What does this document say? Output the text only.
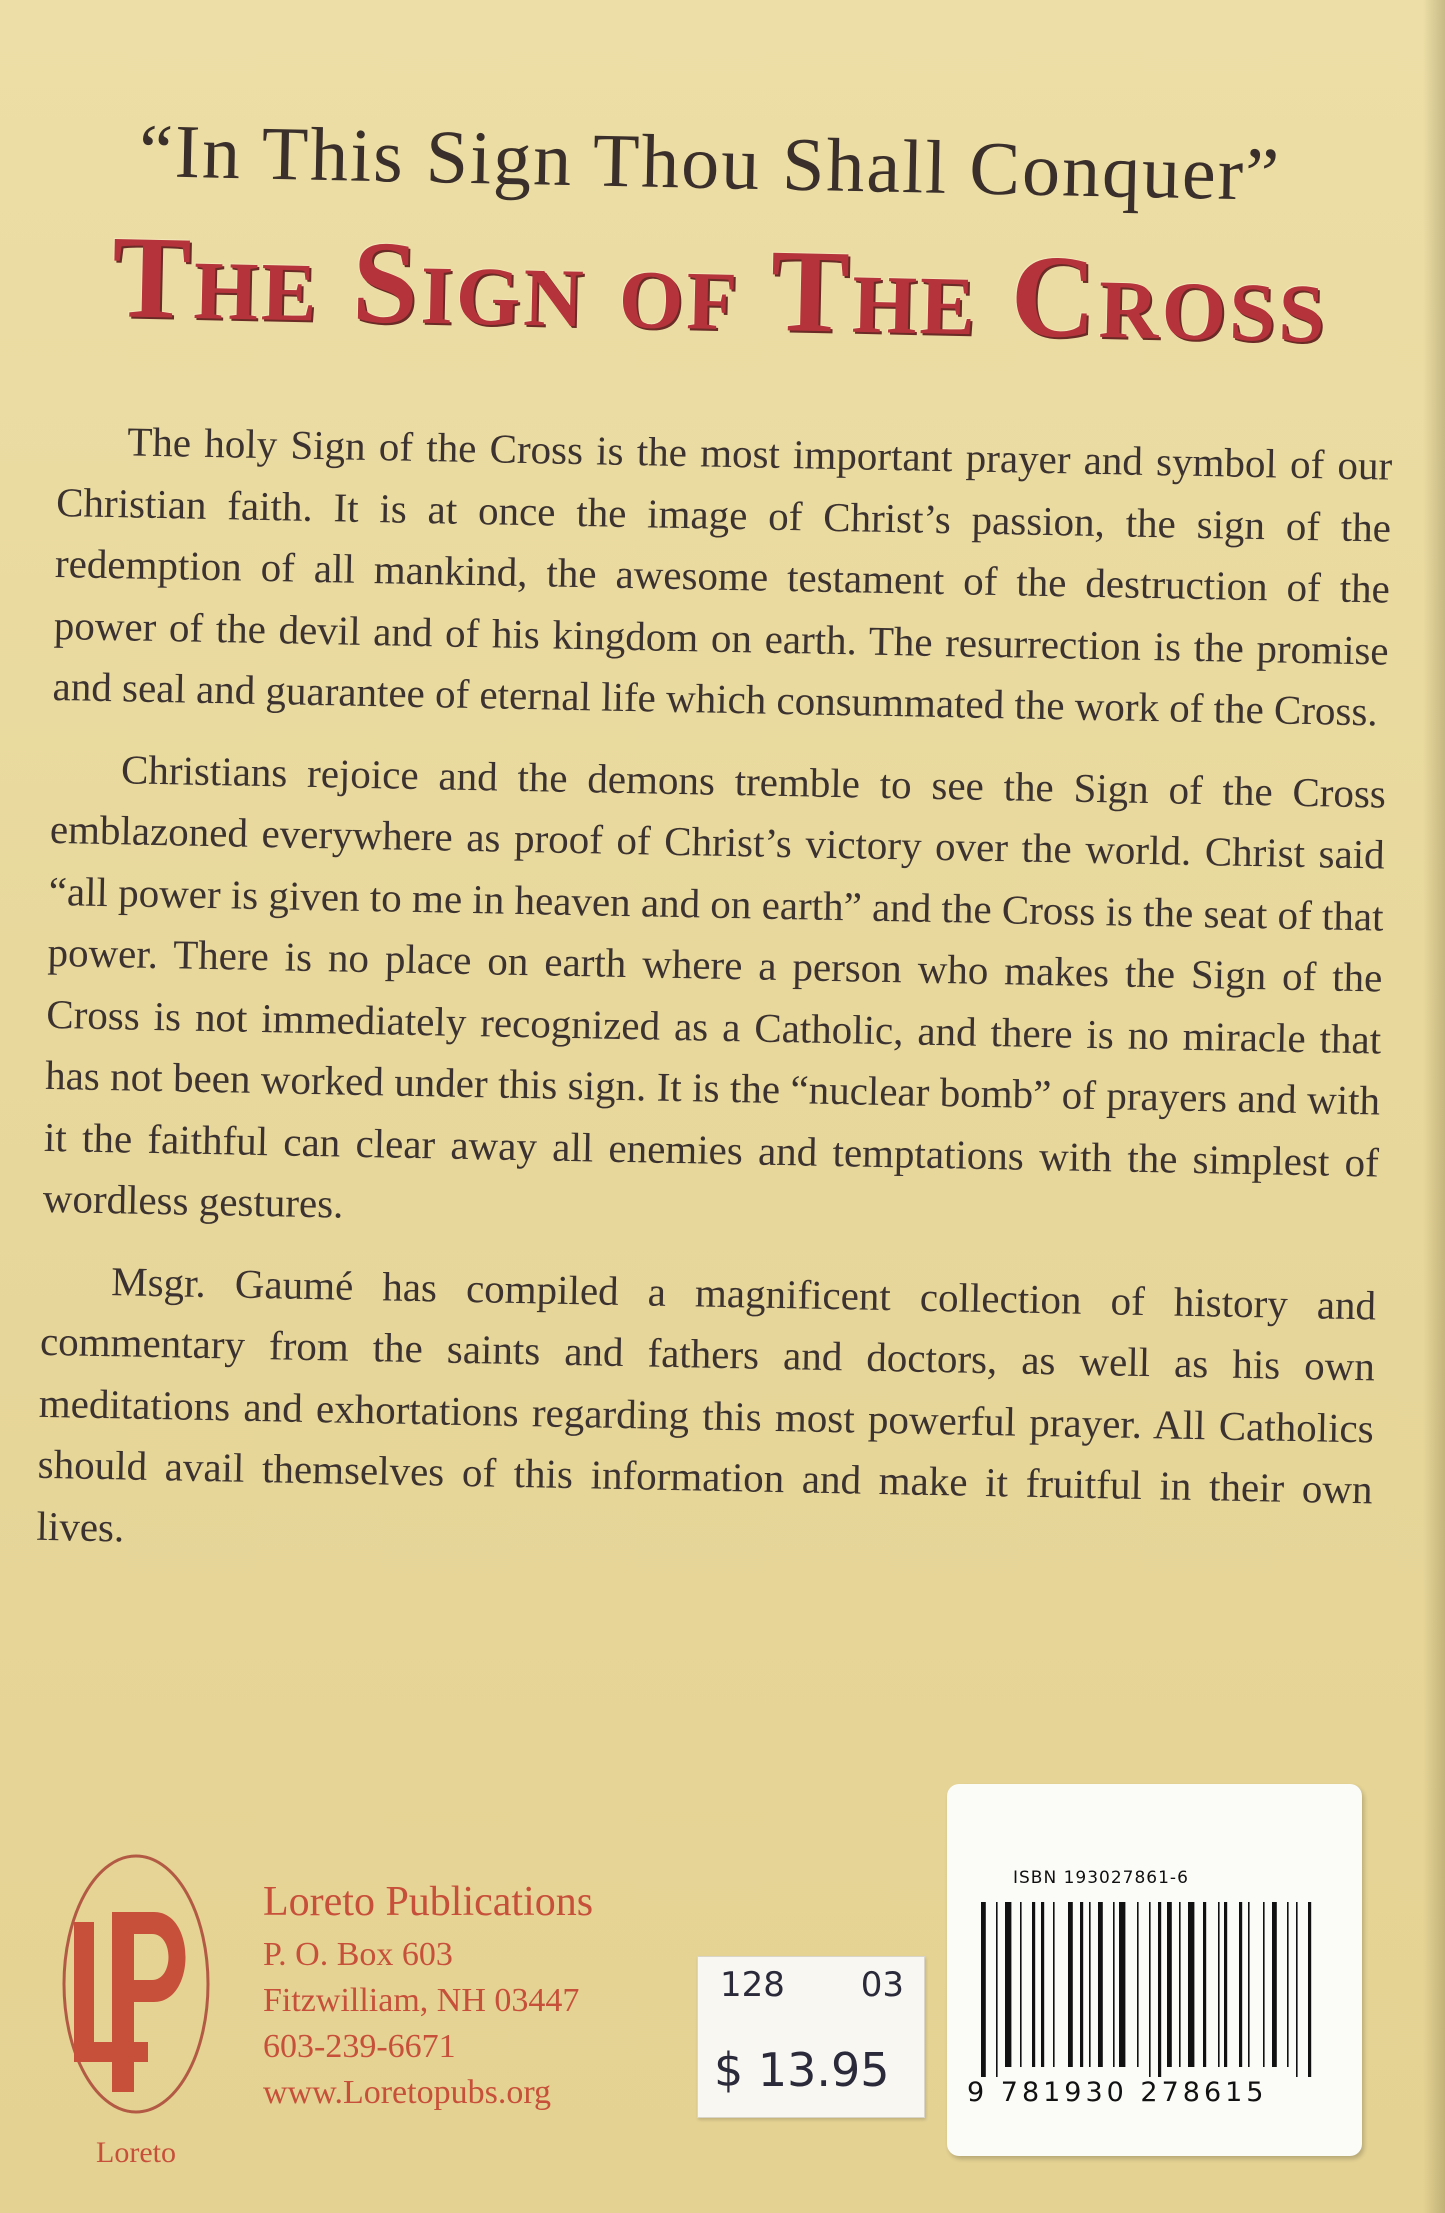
“In This Sign Thou Shall Conquer”
The Sign of The Cross

The holy Sign of the Cross is the most important prayer and symbol of our Christian faith. It is at once the image of Christ’s passion, the sign of the redemption of all mankind, the awesome testament of the destruction of the power of the devil and of his kingdom on earth. The resurrection is the promise and seal and guarantee of eternal life which consummated the work of the Cross.

Christians rejoice and the demons tremble to see the Sign of the Cross emblazoned everywhere as proof of Christ’s victory over the world. Christ said “all power is given to me in heaven and on earth” and the Cross is the seat of that power. There is no place on earth where a person who makes the Sign of the Cross is not immediately recognized as a Catholic, and there is no miracle that has not been worked under this sign. It is the “nuclear bomb” of prayers and with it the faithful can clear away all enemies and temptations with the simplest of wordless gestures.

Msgr. Gaumé has compiled a magnificent collection of history and commentary from the saints and fathers and doctors, as well as his own meditations and exhortations regarding this most powerful prayer. All Catholics should avail themselves of this information and make it fruitful in their own lives.

Loreto
Loreto Publications
P. O. Box 603
Fitzwilliam, NH 03447
603-239-6671
www.Loretopubs.org
128 03
$ 13.95
ISBN 193027861-6
9 781930 278615
